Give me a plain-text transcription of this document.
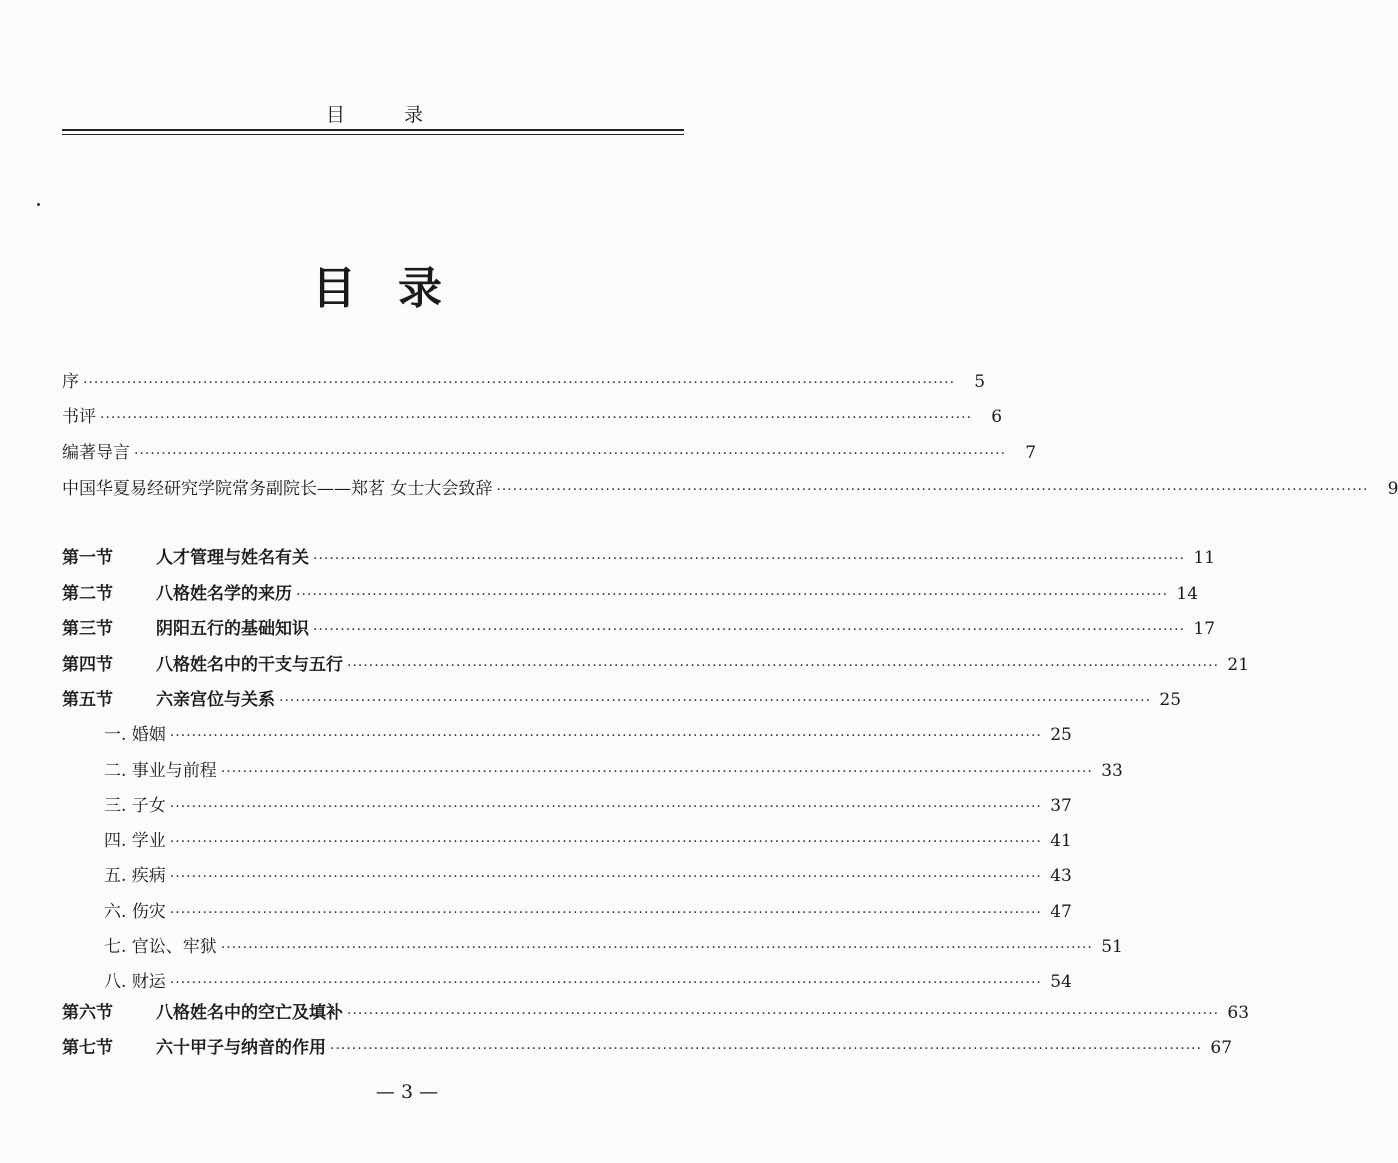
目	录
目 录
序 ································································································································································	5
书评 ································································································································································	6
编著导言 ································································································································································	7
中国华夏易经研究学院常务副院长——郑茗 女士大会致辞 ································································································································································	9
第一节	人才管理与姓名有关 ································································································································································ 11
第二节	八格姓名学的来历 ································································································································································ 14
第三节	阴阳五行的基础知识 ································································································································································ 17
第四节	八格姓名中的干支与五行 ································································································································································ 21
第五节	六亲宫位与关系 ································································································································································ 25
一. 婚姻 ································································································································································ 25
二. 事业与前程 ································································································································································ 33
三. 子女 ································································································································································ 37
四. 学业 ································································································································································ 41
五. 疾病 ································································································································································ 43
六. 伤灾 ································································································································································ 47
七. 官讼、牢狱 ································································································································································ 51
八. 财运 ································································································································································ 54
第六节	八格姓名中的空亡及填补 ································································································································································ 63
第七节	六十甲子与纳音的作用 ································································································································································ 67
— 3 —
